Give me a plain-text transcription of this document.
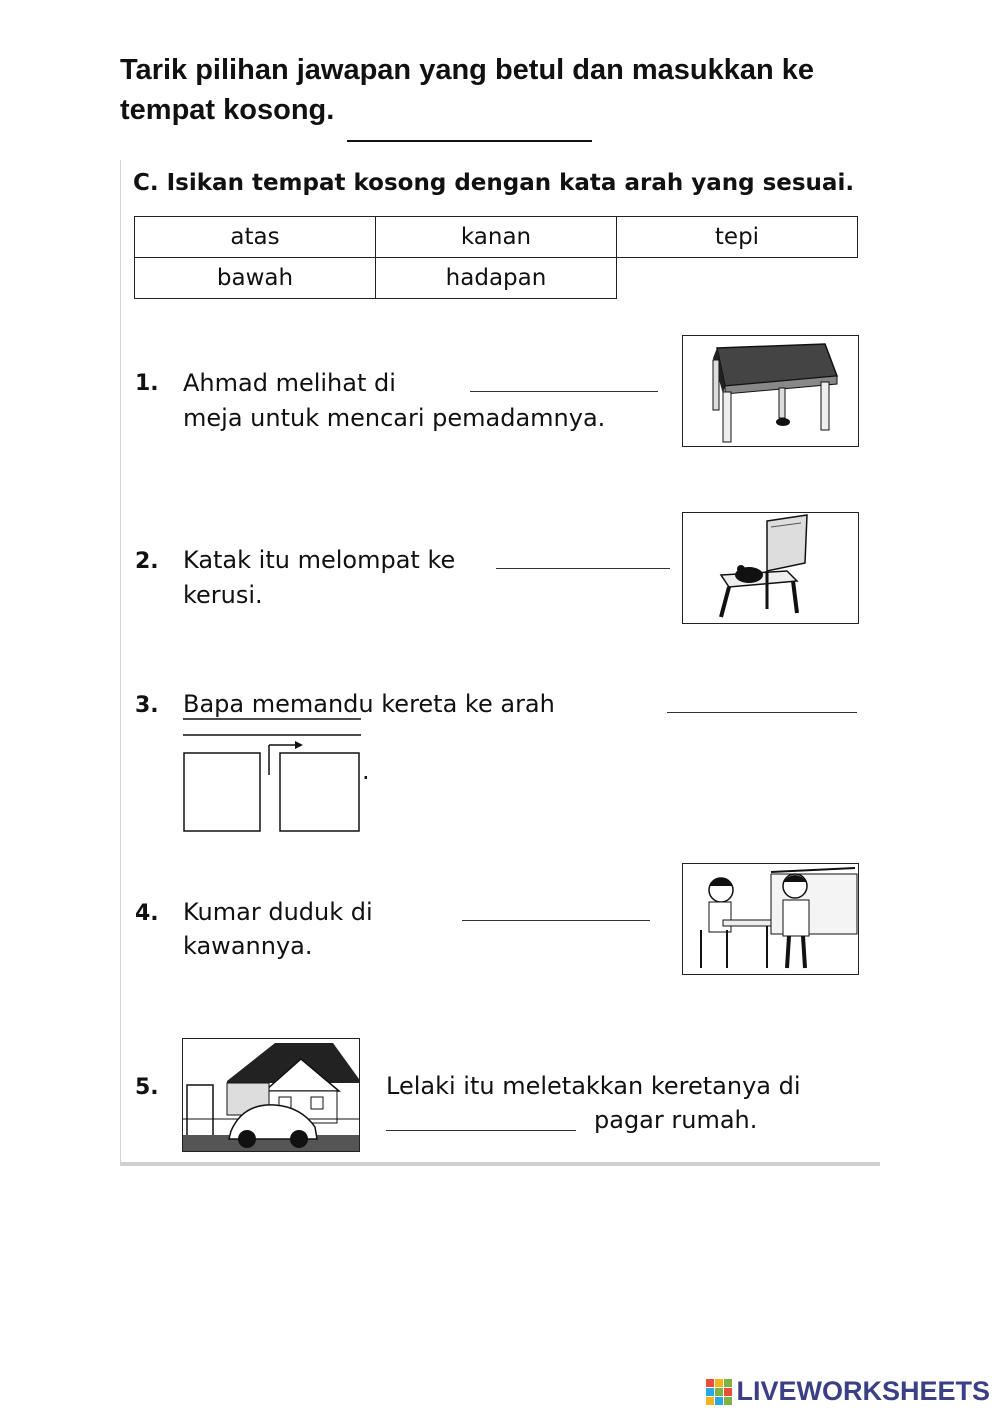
Tarik pilihan jawapan yang betul dan masukkan ke
tempat kosong.
C. Isikan tempat kosong dengan kata arah yang sesuai.
atas	kanan	tepi
bawah	hadapan	
1. Ahmad melihat di
meja untuk mencari pemadamnya.
2. Katak itu melompat ke
kerusi.
3. Bapa memandu kereta ke arah
.
4. Kumar duduk di
kawannya.
5.	Lelaki itu meletakkan keretanya di
pagar rumah.
LIVEWORKSHEETS
